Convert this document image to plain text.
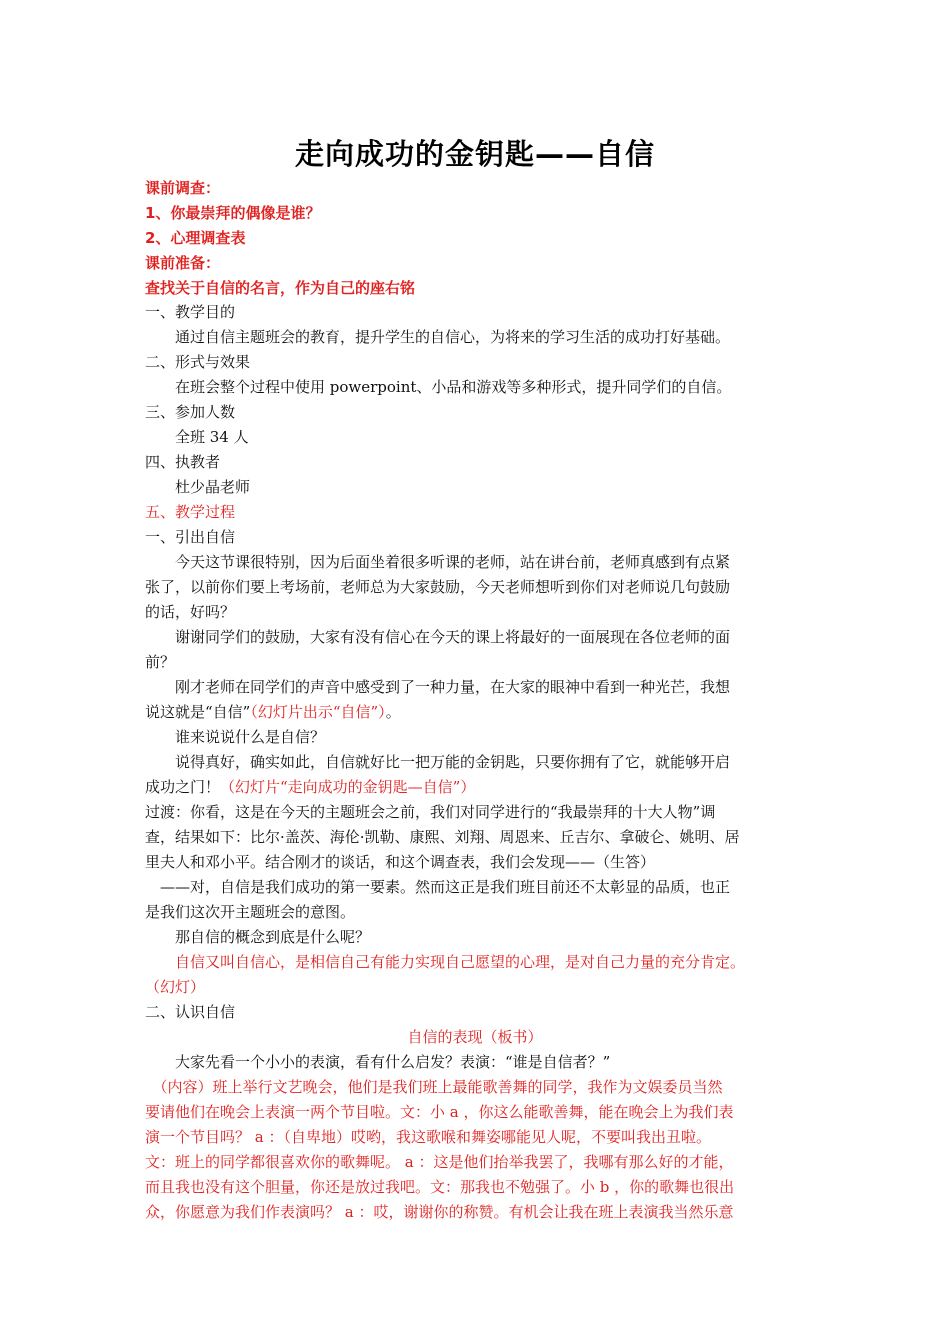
走向成功的金钥匙——自信
课前调查：
1、你最崇拜的偶像是谁？
2、心理调查表
课前准备：
查找关于自信的名言，作为自己的座右铭
一、教学目的
　　通过自信主题班会的教育，提升学生的自信心，为将来的学习生活的成功打好基础。
二、形式与效果
　　在班会整个过程中使用 powerpoint、小品和游戏等多种形式，提升同学们的自信。
三、参加人数
　　全班 34 人
四、执教者
　　杜少晶老师
五、教学过程
一、引出自信
　　今天这节课很特别，因为后面坐着很多听课的老师，站在讲台前，老师真感到有点紧
张了，以前你们要上考场前，老师总为大家鼓励，今天老师想听到你们对老师说几句鼓励
的话，好吗？
　　谢谢同学们的鼓励，大家有没有信心在今天的课上将最好的一面展现在各位老师的面
前？
　　刚才老师在同学们的声音中感受到了一种力量，在大家的眼神中看到一种光芒，我想
说这就是“自信”（幻灯片出示“自信”）。
　　谁来说说什么是自信？
　　说得真好，确实如此，自信就好比一把万能的金钥匙，只要你拥有了它，就能够开启
成功之门！（幻灯片“走向成功的金钥匙—自信”）
过渡：你看，这是在今天的主题班会之前，我们对同学进行的“我最崇拜的十大人物”调
查，结果如下：比尔·盖茨、海伦·凯勒、康熙、刘翔、周恩来、丘吉尔、拿破仑、姚明、居
里夫人和邓小平。结合刚才的谈话，和这个调查表，我们会发现——（生答）
　——对，自信是我们成功的第一要素。然而这正是我们班目前还不太彰显的品质，也正
是我们这次开主题班会的意图。
　　那自信的概念到底是什么呢？
　　自信又叫自信心，是相信自己有能力实现自己愿望的心理，是对自己力量的充分肯定。
（幻灯）
二、认识自信
自信的表现（板书）
　　大家先看一个小小的表演，看有什么启发？表演：“谁是自信者？”
　（内容）班上举行文艺晚会，他们是我们班上最能歌善舞的同学，我作为文娱委员当然
要请他们在晚会上表演一两个节目啦。文：小 a ，你这么能歌善舞，能在晚会上为我们表
演一个节目吗？ a ：（自卑地）哎哟，我这歌喉和舞姿哪能见人呢，不要叫我出丑啦。
文：班上的同学都很喜欢你的歌舞呢。 a ：这是他们抬举我罢了，我哪有那么好的才能，
而且我也没有这个胆量，你还是放过我吧。文：那我也不勉强了。小 b ，你的歌舞也很出
众，你愿意为我们作表演吗？ a ：哎，谢谢你的称赞。有机会让我在班上表演我当然乐意
